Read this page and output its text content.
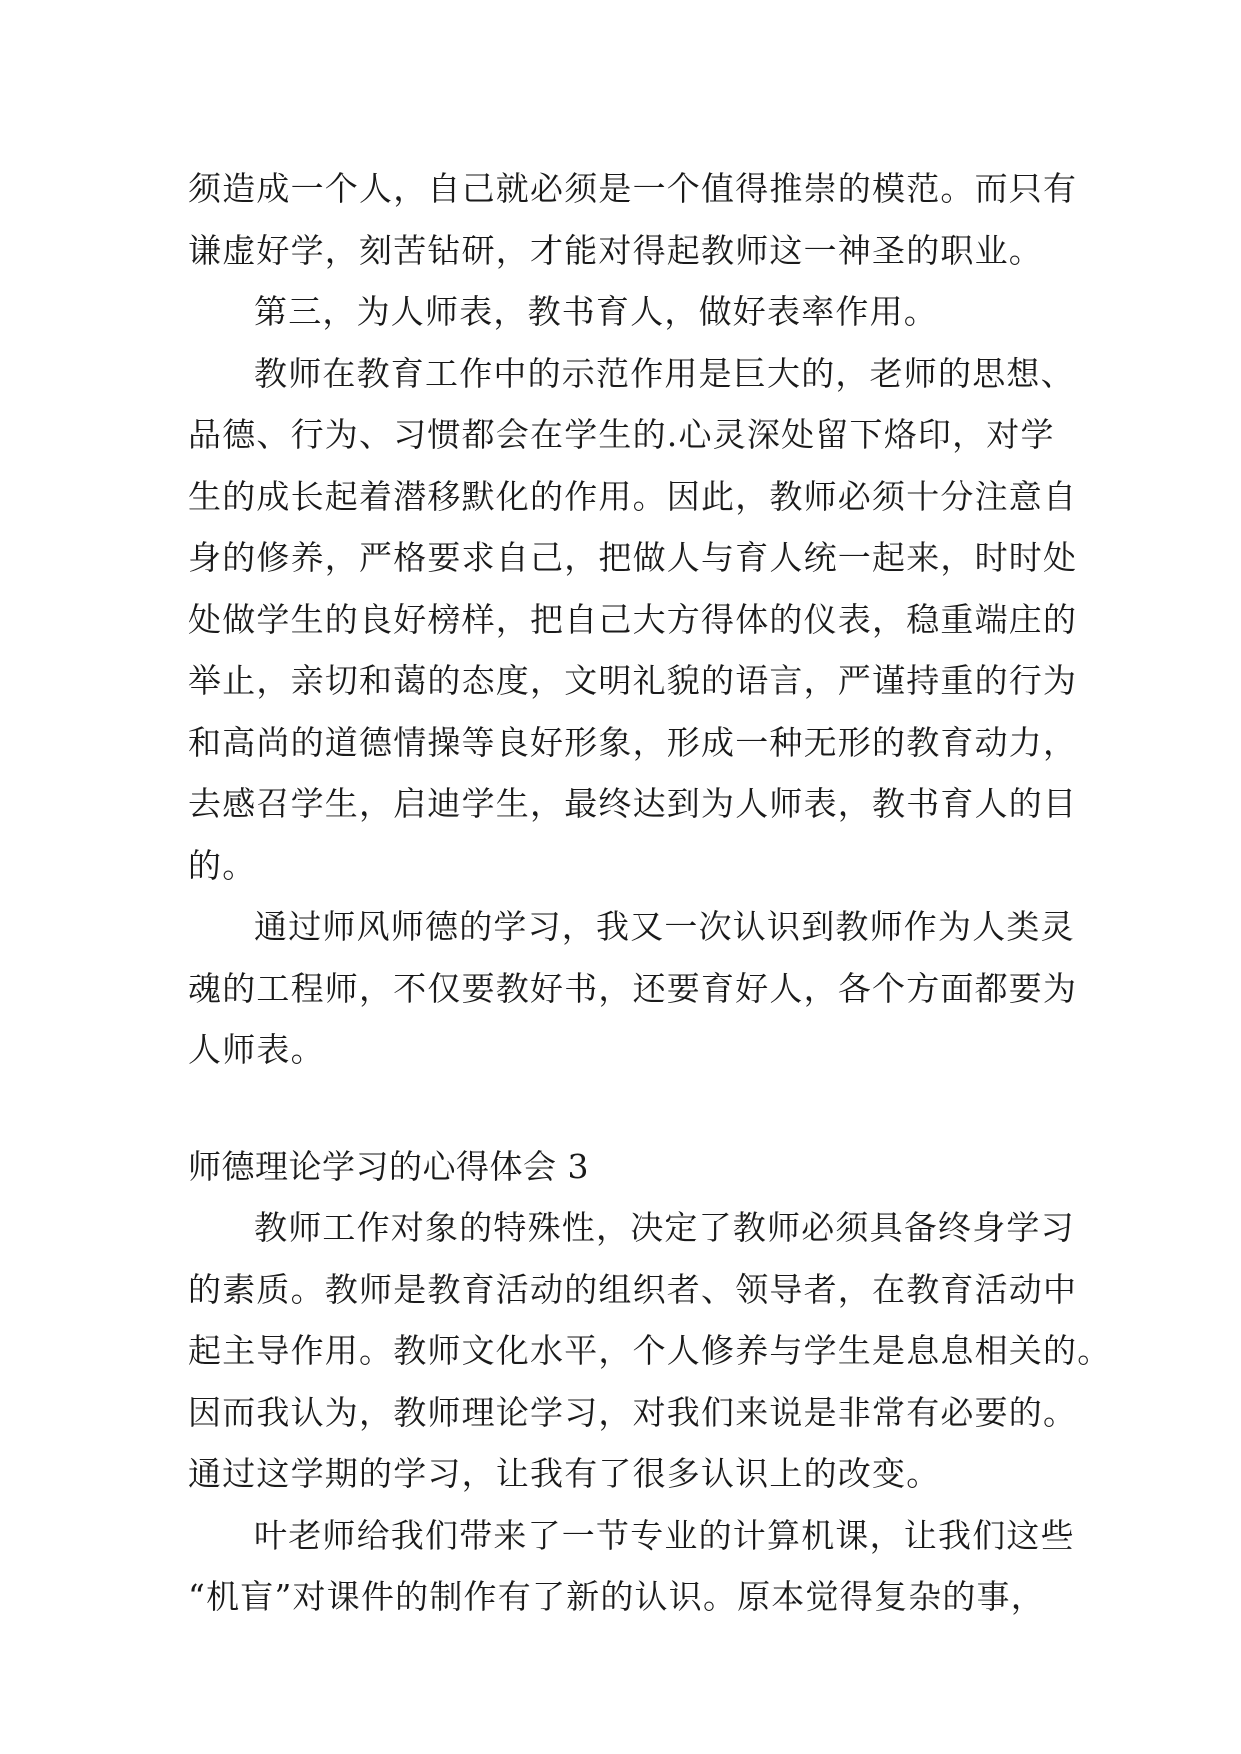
须造成一个人，自己就必须是一个值得推崇的模范。而只有
谦虚好学，刻苦钻研，才能对得起教师这一神圣的职业。
第三，为人师表，教书育人，做好表率作用。
教师在教育工作中的示范作用是巨大的，老师的思想、
品德、行为、习惯都会在学生的.心灵深处留下烙印，对学
生的成长起着潜移默化的作用。因此，教师必须十分注意自
身的修养，严格要求自己，把做人与育人统一起来，时时处
处做学生的良好榜样，把自己大方得体的仪表，稳重端庄的
举止，亲切和蔼的态度，文明礼貌的语言，严谨持重的行为
和高尚的道德情操等良好形象，形成一种无形的教育动力，
去感召学生，启迪学生，最终达到为人师表，教书育人的目
的。
通过师风师德的学习，我又一次认识到教师作为人类灵
魂的工程师，不仅要教好书，还要育好人，各个方面都要为
人师表。
师德理论学习的心得体会 3
教师工作对象的特殊性，决定了教师必须具备终身学习
的素质。教师是教育活动的组织者、领导者，在教育活动中
起主导作用。教师文化水平，个人修养与学生是息息相关的。
因而我认为，教师理论学习，对我们来说是非常有必要的。
通过这学期的学习，让我有了很多认识上的改变。
叶老师给我们带来了一节专业的计算机课，让我们这些
“机盲”对课件的制作有了新的认识。原本觉得复杂的事，
